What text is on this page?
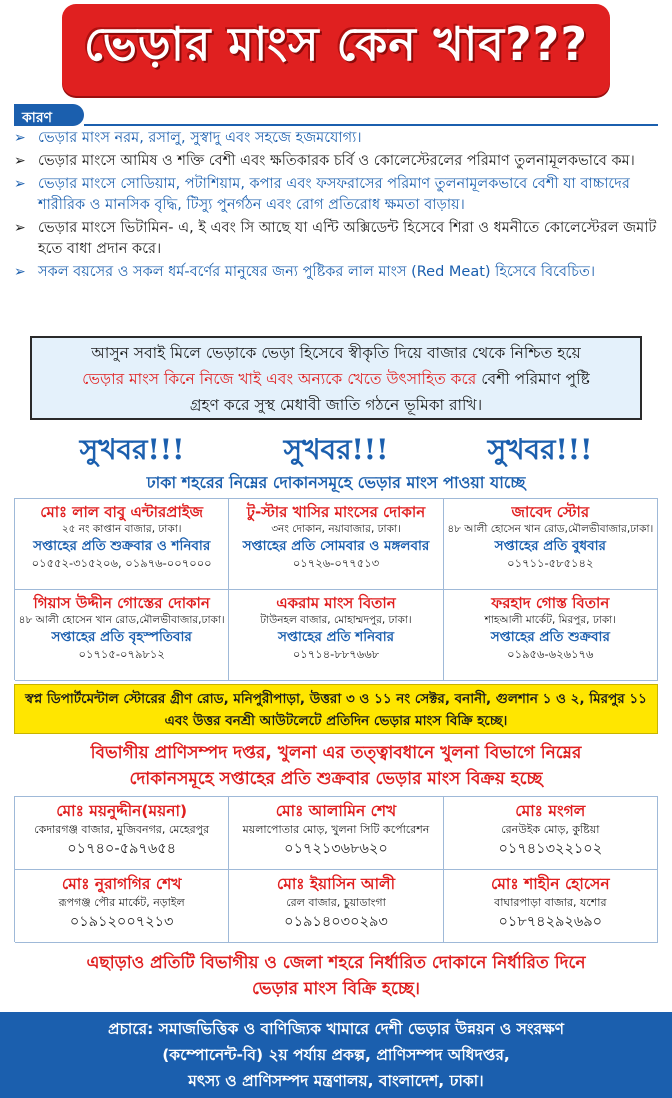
ভেড়ার মাংস কেন খাব???
কারণ
➢ ভেড়ার মাংস নরম, রসালু, সুস্বাদু এবং সহজে হজমযোগ্য।
➢ ভেড়ার মাংসে আমিষ ও শক্তি বেশী এবং ক্ষতিকারক চর্বি ও কোলেস্টেরলের পরিমাণ তুলনামূলকভাবে কম।
➢ ভেড়ার মাংসে সোডিয়াম, পটাশিয়াম, কপার এবং ফসফরাসের পরিমাণ তুলনামূলকভাবে বেশী যা বাচ্চাদের শারীরিক ও মানসিক বৃদ্ধি, টিস্যু পুনর্গঠন এবং রোগ প্রতিরোধ ক্ষমতা বাড়ায়।
➢ ভেড়ার মাংসে ভিটামিন- এ, ই এবং সি আছে যা এন্টি অক্সিডেন্ট হিসেবে শিরা ও ধমনীতে কোলেস্টেরল জমাট হতে বাধা প্রদান করে।
➢ সকল বয়সের ও সকল ধর্ম-বর্ণের মানুষের জন্য পুষ্টিকর লাল মাংস (Red Meat) হিসেবে বিবেচিত।
আসুন সবাই মিলে ভেড়াকে ভেড়া হিসেবে স্বীকৃতি দিয়ে বাজার থেকে নিশ্চিত হয়ে
ভেড়ার মাংস কিনে নিজে খাই এবং অন্যকে খেতে উৎসাহিত করে বেশী পরিমাণ পুষ্টি
গ্রহণ করে সুস্থ মেধাবী জাতি গঠনে ভূমিকা রাখি।
সুখবর!!!	সুখবর!!!	সুখবর!!!
ঢাকা শহরের নিম্নের দোকানসমূহে ভেড়ার মাংস পাওয়া যাচ্ছে
মোঃ লাল বাবু এন্টারপ্রাইজ
২৫ নং কাপ্তান বাজার, ঢাকা।
সপ্তাহের প্রতি শুক্রবার ও শনিবার
০১৫৫২-৩১৫২০৬, ০১৯৭৬-০০৭০০০
টু-স্টার খাসির মাংসের দোকান
৩নং দোকান, নয়াবাজার, ঢাকা।
সপ্তাহের প্রতি সোমবার ও মঙ্গলবার
০১৭২৬-০৭৭৫১৩
জাবেদ স্টোর
৪৮ আলী হোসেন খান রোড,মৌলভীবাজার,ঢাকা।
সপ্তাহের প্রতি বুধবার
০১৭১১-৫৮৫১৪২
গিয়াস উদ্দীন গোস্তের দোকান
৪৮ আলী হোসেন খান রোড,মৌলভীবাজার,ঢাকা।
সপ্তাহের প্রতি বৃহস্পতিবার
০১৭১৫-০৭৯৮১২
একরাম মাংস বিতান
টাউনহল বাজার, মোহাম্মদপুর, ঢাকা।
সপ্তাহের প্রতি শনিবার
০১৭১৪-৮৮৭৬৬৮
ফরহাদ গোস্ত বিতান
শাহআলী মার্কেট, মিরপুর, ঢাকা।
সপ্তাহের প্রতি শুক্রবার
০১৯৫৬-৬২৬১৭৬
স্বপ্ন ডিপার্টমেন্টাল স্টোরের গ্রীণ রোড, মনিপুরীপাড়া, উত্তরা ৩ ও ১১ নং সেক্টর, বনানী, গুলশান ১ ও ২, মিরপুর ১১ এবং উত্তর বনশ্রী আউটলেটে প্রতিদিন ভেড়ার মাংস বিক্রি হচ্ছে।
বিভাগীয় প্রাণিসম্পদ দপ্তর, খুলনা এর তত্ত্বাবধানে খুলনা বিভাগে নিম্নের
দোকানসমূহে সপ্তাহের প্রতি শুক্রবার ভেড়ার মাংস বিক্রয় হচ্ছে
মোঃ ময়নুদ্দীন(ময়না)
কেদারগঞ্জ বাজার, মুজিবনগর, মেহেরপুর
০১৭৪০-৫৯৭৬৫৪
মোঃ আলামিন শেখ
ময়লাপোতার মোড়, খুলনা সিটি কর্পোরেশন
০১৭২১৩৬৮৬২০
মোঃ মংগল
রেনউইক মোড়, কুষ্টিয়া
০১৭৪১৩২২১০২
মোঃ নুরাগগির শেখ
রূপগঞ্জ পৌর মার্কেট, নড়াইল
০১৯১২০০৭২১৩
মোঃ ইয়াসিন আলী
রেল বাজার, চুয়াডাংগা
০১৯১৪০৩০২৯৩
মোঃ শাহীন হোসেন
বাঘারপাড়া বাজার, যশোর
০১৮৭৪২৯২৬৯০
এছাড়াও প্রতিটি বিভাগীয় ও জেলা শহরে নির্ধারিত দোকানে নির্ধারিত দিনে
ভেড়ার মাংস বিক্রি হচ্ছে।
প্রচারে: সমাজভিত্তিক ও বাণিজ্যিক খামারে দেশী ভেড়ার উন্নয়ন ও সংরক্ষণ
(কম্পোনেন্ট-বি) ২য় পর্যায় প্রকল্প, প্রাণিসম্পদ অধিদপ্তর,
মৎস্য ও প্রাণিসম্পদ মন্ত্রণালয়, বাংলাদেশ, ঢাকা।
